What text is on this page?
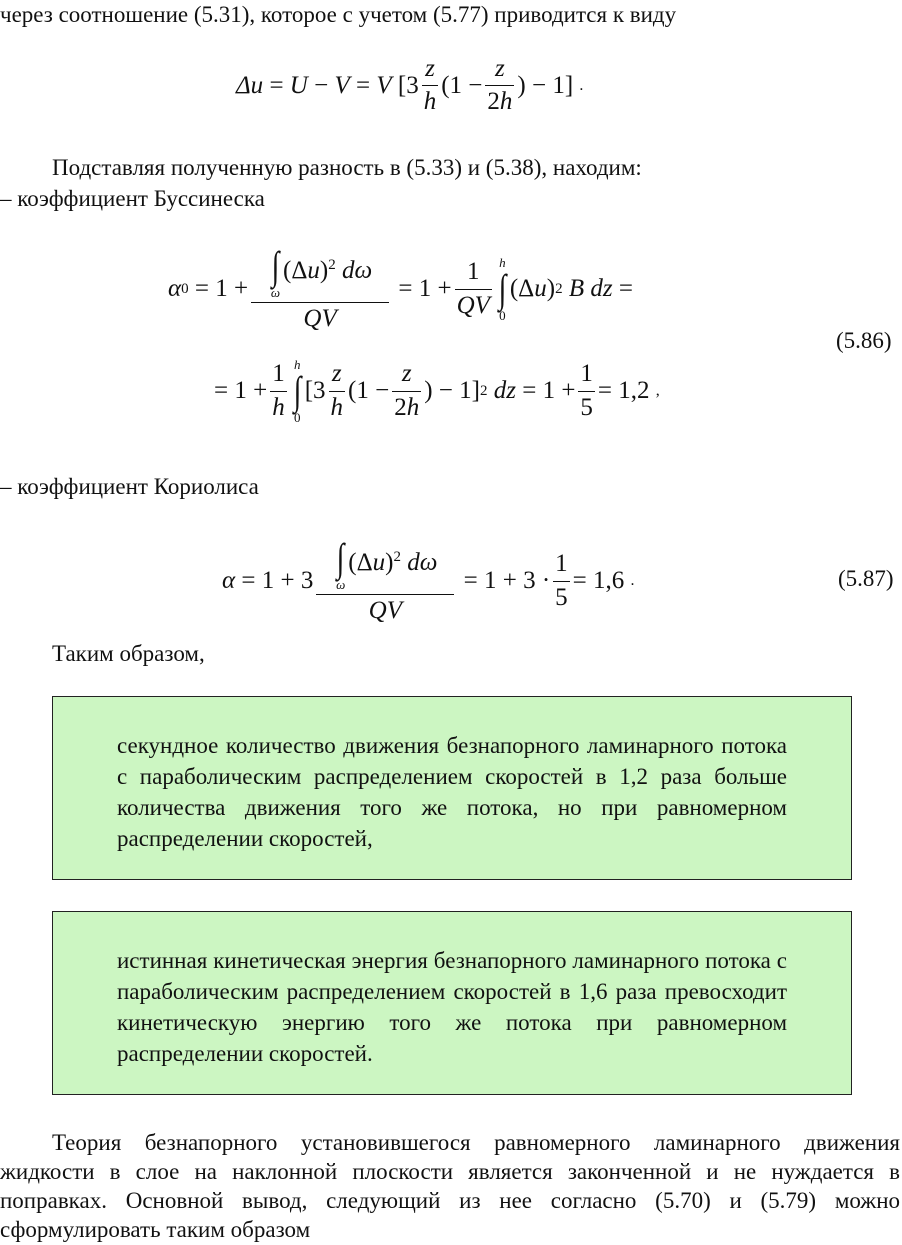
через соотношение (5.31), которое с учетом (5.77) приводится к виду
Δu = U − V = V [ $3 \frac{z}{h}$ ( $1 - \frac{z}{2h}$ ) − 1 ] .
Подставляя полученную разность в (5.33) и (5.38), находим:
– коэффициент Буссинеска
α 0 = 1 + ∫
ω
$(\Delta u)^2$ dω
QV = $1 + \frac{1}{QV}$ h
∫
0
(Δ u ) 2
B
dz =
(5.86)
= $1 + \frac{1}{h}$ h
∫
0
[ $3 \frac{z}{h}$ ( $1 - \frac{z}{2h}$ ) − 1 ] 2
dz = $1 + \frac{1}{5} = 1,2$
,
– коэффициент Кориолиса
α = 1 + 3 ∫
ω
$(\Delta u)^2$ dω
QV = $1 + 3 \cdot \frac{1}{5} = 1,6$
.	(5.87)
Таким образом,

секундное количество движения безнапорного ламинарного потока с параболическим распределением скоростей в 1,2 раза больше количества движения того же потока, но при равномерном распределении скоростей,

истинная кинетическая энергия безнапорного ламинарного потока с параболическим распределением скоростей в 1,6 раза превосходит кинетическую энергию того же потока при равномерном распределении скоростей.

Теория безнапорного установившегося равномерного ламинарного движения жидкости в слое на наклонной плоскости является законченной и не нуждается в поправках. Основной вывод, следующий из нее согласно (5.70) и (5.79) можно сформулировать таким образом
